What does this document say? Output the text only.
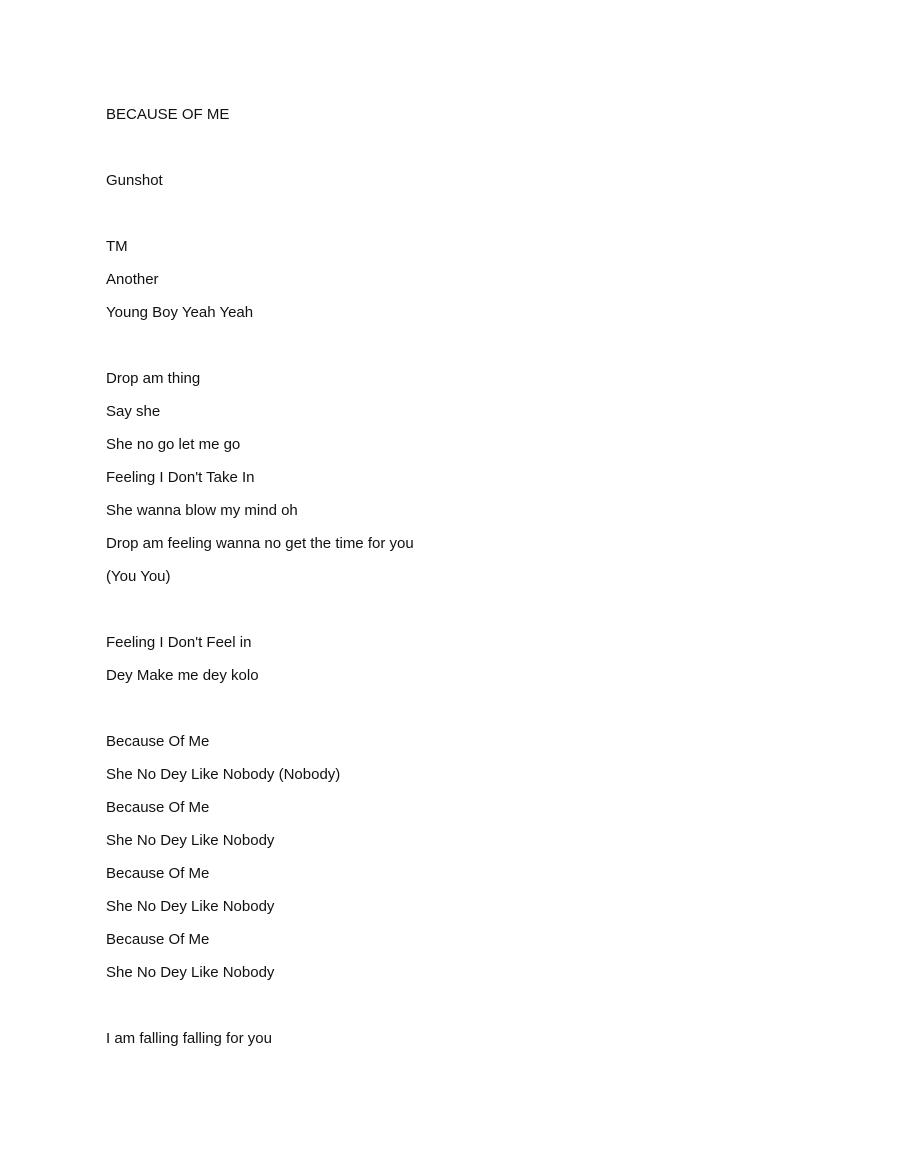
BECAUSE OF ME
Gunshot
TM
Another
Young Boy Yeah Yeah
Drop am thing
Say she
She no go let me go
Feeling I Don't Take In
She wanna blow my mind oh
Drop am feeling wanna no get the time for you
(You You)
Feeling I Don't Feel in
Dey Make me dey kolo
Because Of Me
She No Dey Like Nobody (Nobody)
Because Of Me
She No Dey Like Nobody
Because Of Me
She No Dey Like Nobody
Because Of Me
She No Dey Like Nobody
I am falling falling for you
